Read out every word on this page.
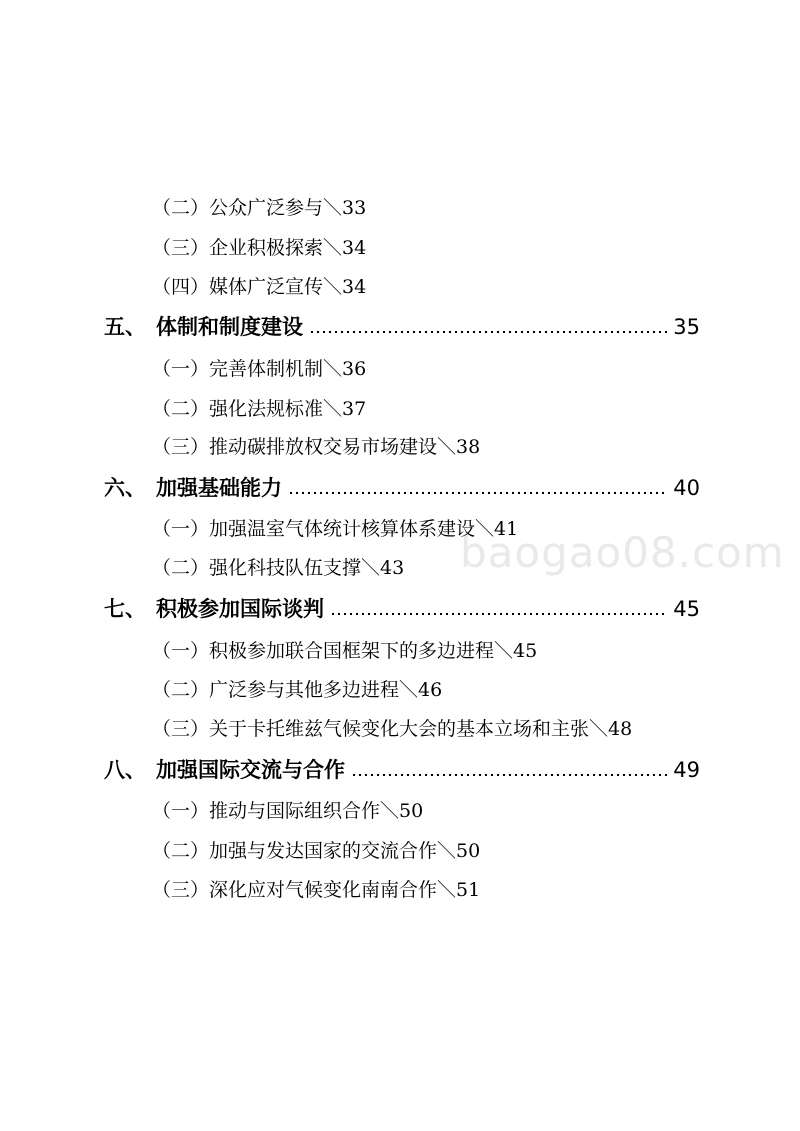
baogao08.com
（二）公众广泛参与＼33
（三）企业积极探索＼34
（四）媒体广泛宣传＼34
五、 体制和制度建设	35
（一）完善体制机制＼36
（二）强化法规标准＼37
（三）推动碳排放权交易市场建设＼38
六、 加强基础能力	40
（一）加强温室气体统计核算体系建设＼41
（二）强化科技队伍支撑＼43
七、 积极参加国际谈判	45
（一）积极参加联合国框架下的多边进程＼45
（二）广泛参与其他多边进程＼46
（三）关于卡托维兹气候变化大会的基本立场和主张＼48
八、 加强国际交流与合作	49
（一）推动与国际组织合作＼50
（二）加强与发达国家的交流合作＼50
（三）深化应对气候变化南南合作＼51
